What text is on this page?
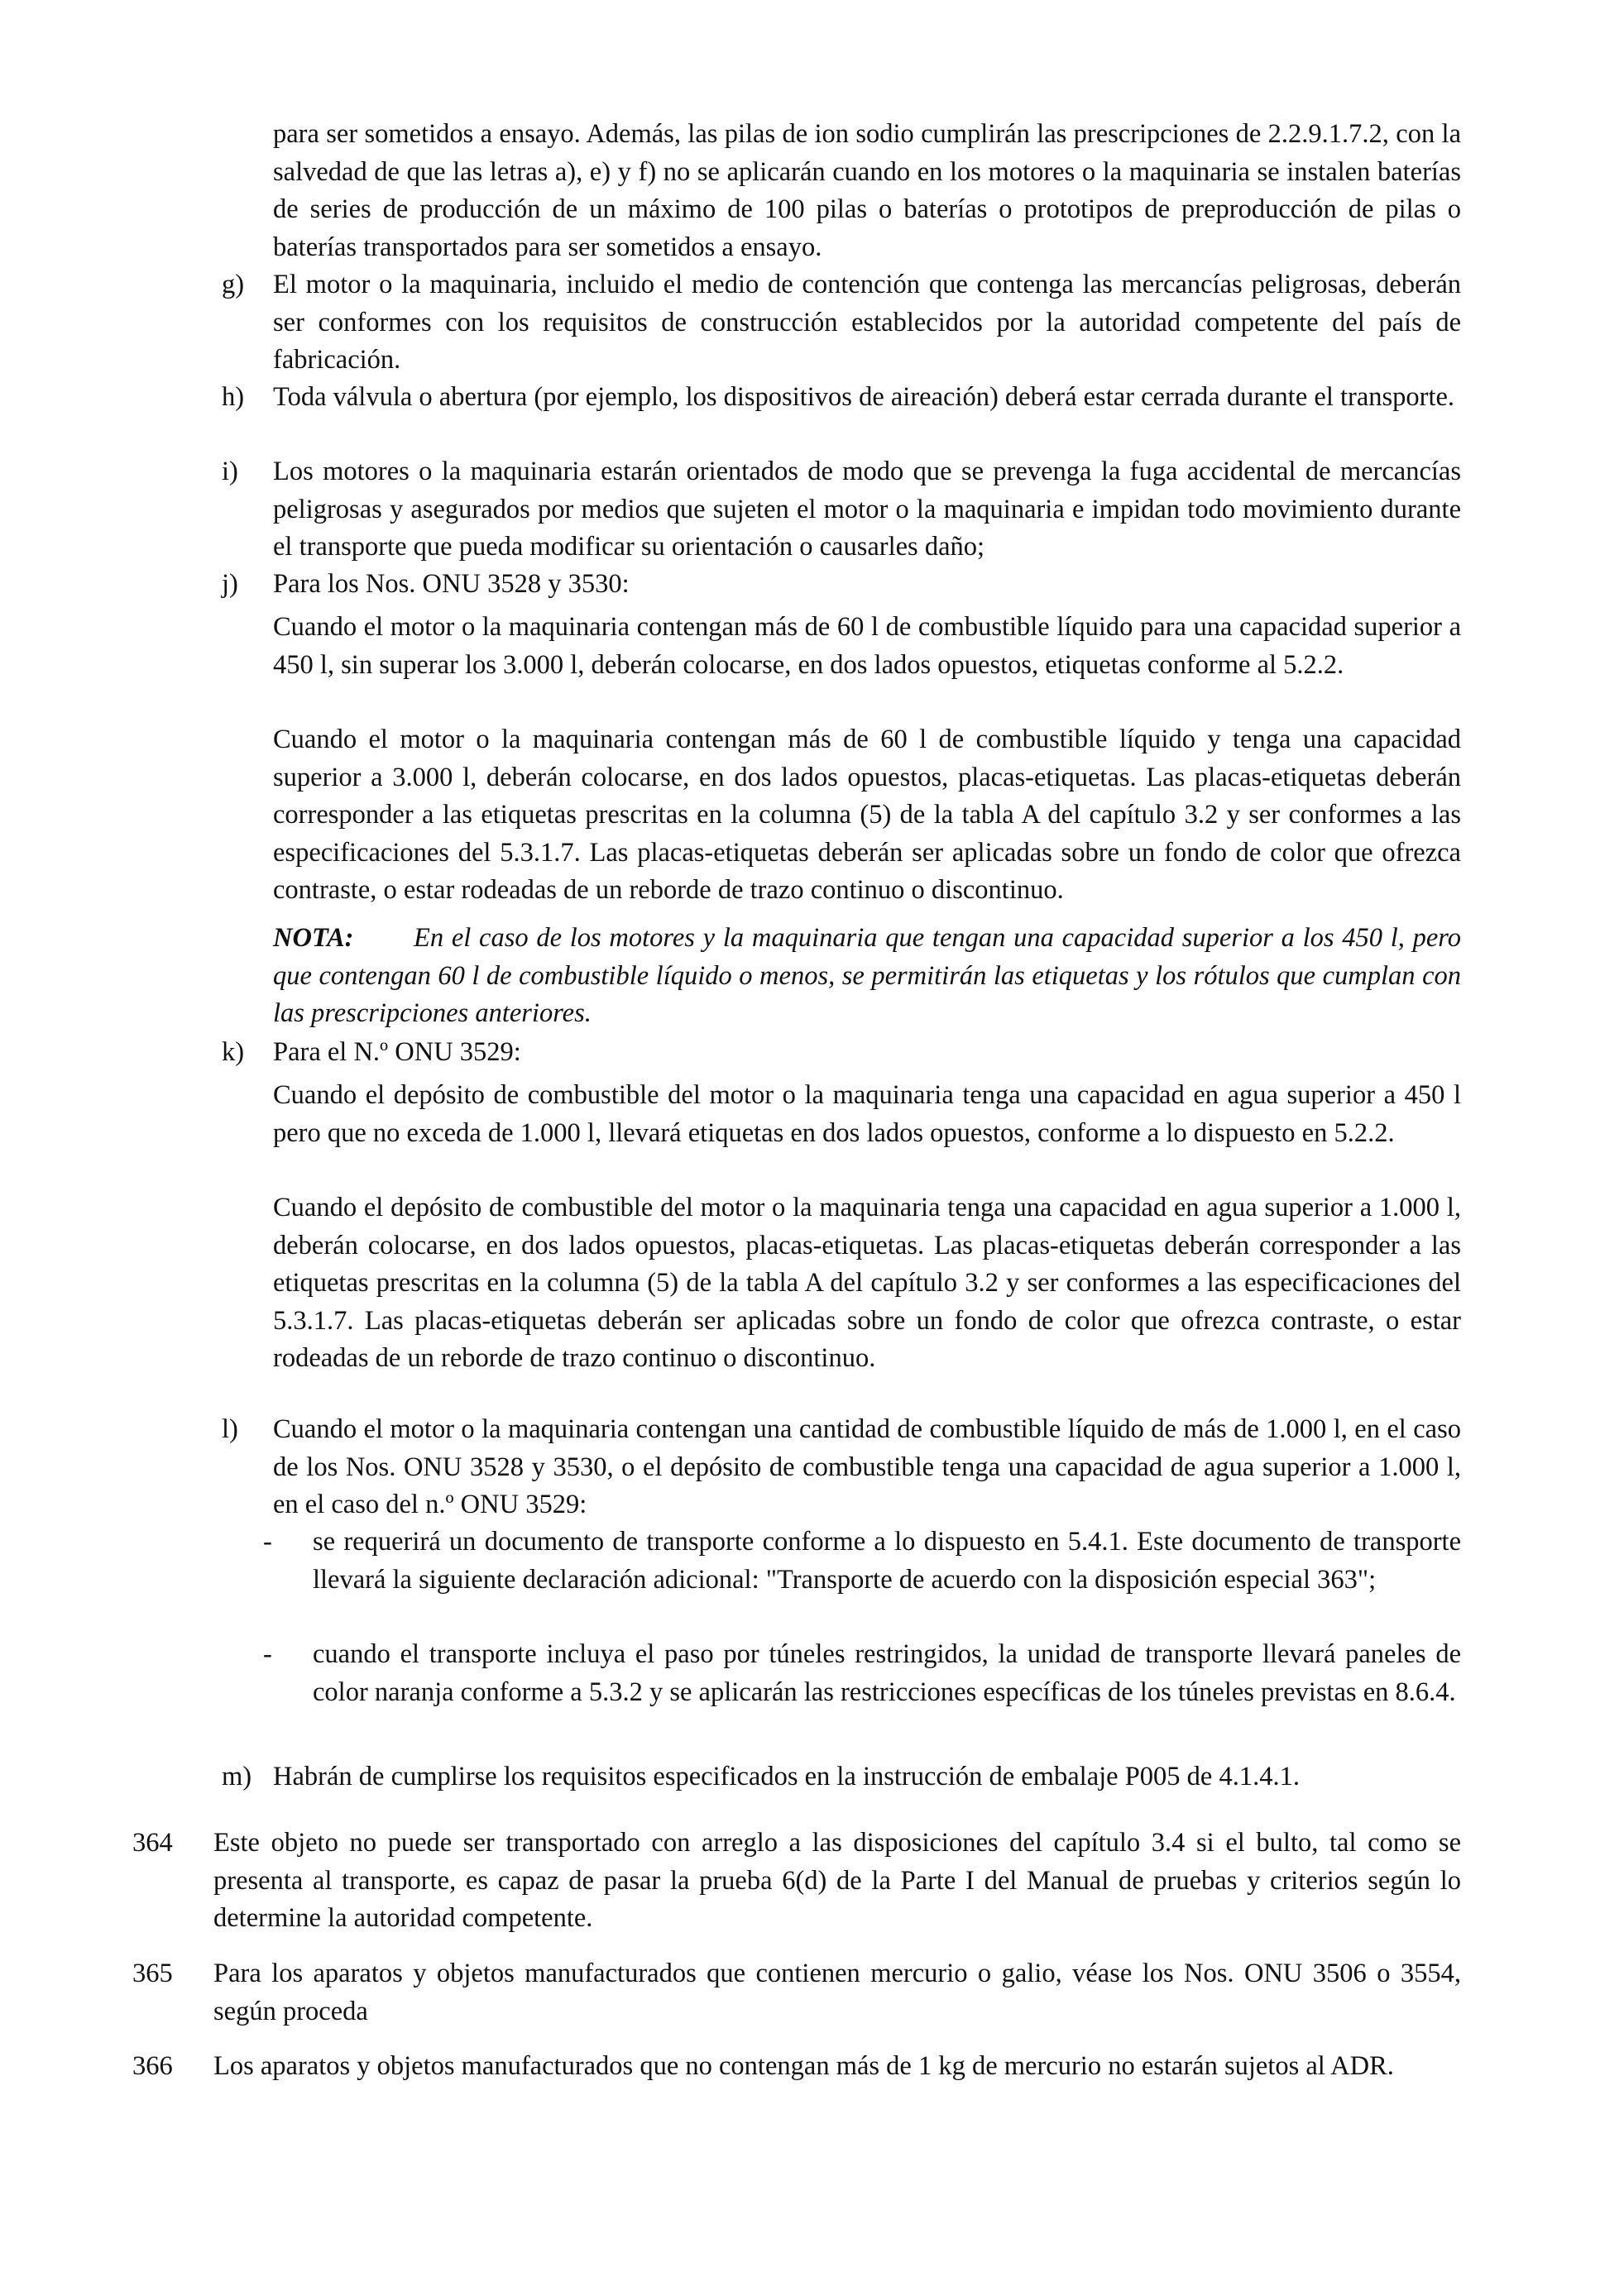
para ser sometidos a ensayo. Además, las pilas de ion sodio cumplirán las prescripciones de 2.2.9.1.7.2, con la salvedad de que las letras a), e) y f) no se aplicarán cuando en los motores o la maquinaria se instalen baterías de series de producción de un máximo de 100 pilas o baterías o prototipos de preproducción de pilas o baterías transportados para ser sometidos a ensayo.

g) El motor o la maquinaria, incluido el medio de contención que contenga las mercancías peligrosas, deberán ser conformes con los requisitos de construcción establecidos por la autoridad competente del país de fabricación.

h) Toda válvula o abertura (por ejemplo, los dispositivos de aireación) deberá estar cerrada durante el transporte.

i) Los motores o la maquinaria estarán orientados de modo que se prevenga la fuga accidental de mercancías peligrosas y asegurados por medios que sujeten el motor o la maquinaria e impidan todo movimiento durante el transporte que pueda modificar su orientación o causarles daño;

j) Para los Nos. ONU 3528 y 3530:

Cuando el motor o la maquinaria contengan más de 60 l de combustible líquido para una capacidad superior a 450 l, sin superar los 3.000 l, deberán colocarse, en dos lados opuestos, etiquetas conforme al 5.2.2.

Cuando el motor o la maquinaria contengan más de 60 l de combustible líquido y tenga una capacidad superior a 3.000 l, deberán colocarse, en dos lados opuestos, placas-etiquetas. Las placas-etiquetas deberán corresponder a las etiquetas prescritas en la columna (5) de la tabla A del capítulo 3.2 y ser conformes a las especificaciones del 5.3.1.7. Las placas-etiquetas deberán ser aplicadas sobre un fondo de color que ofrezca contraste, o estar rodeadas de un reborde de trazo continuo o discontinuo.

NOTA: En el caso de los motores y la maquinaria que tengan una capacidad superior a los 450 l, pero que contengan 60 l de combustible líquido o menos, se permitirán las etiquetas y los rótulos que cumplan con las prescripciones anteriores.

k) Para el N.º ONU 3529:

Cuando el depósito de combustible del motor o la maquinaria tenga una capacidad en agua superior a 450 l pero que no exceda de 1.000 l, llevará etiquetas en dos lados opuestos, conforme a lo dispuesto en 5.2.2.

Cuando el depósito de combustible del motor o la maquinaria tenga una capacidad en agua superior a 1.000 l, deberán colocarse, en dos lados opuestos, placas-etiquetas. Las placas-etiquetas deberán corresponder a las etiquetas prescritas en la columna (5) de la tabla A del capítulo 3.2 y ser conformes a las especificaciones del 5.3.1.7. Las placas-etiquetas deberán ser aplicadas sobre un fondo de color que ofrezca contraste, o estar rodeadas de un reborde de trazo continuo o discontinuo.

l) Cuando el motor o la maquinaria contengan una cantidad de combustible líquido de más de 1.000 l, en el caso de los Nos. ONU 3528 y 3530, o el depósito de combustible tenga una capacidad de agua superior a 1.000 l, en el caso del n.º ONU 3529:

- se requerirá un documento de transporte conforme a lo dispuesto en 5.4.1. Este documento de transporte llevará la siguiente declaración adicional: "Transporte de acuerdo con la disposición especial 363";

- cuando el transporte incluya el paso por túneles restringidos, la unidad de transporte llevará paneles de color naranja conforme a 5.3.2 y se aplicarán las restricciones específicas de los túneles previstas en 8.6.4.

m) Habrán de cumplirse los requisitos especificados en la instrucción de embalaje P005 de 4.1.4.1.

364 Este objeto no puede ser transportado con arreglo a las disposiciones del capítulo 3.4 si el bulto, tal como se presenta al transporte, es capaz de pasar la prueba 6(d) de la Parte I del Manual de pruebas y criterios según lo determine la autoridad competente.

365 Para los aparatos y objetos manufacturados que contienen mercurio o galio, véase los Nos. ONU 3506 o 3554, según proceda

366 Los aparatos y objetos manufacturados que no contengan más de 1 kg de mercurio no estarán sujetos al ADR.
